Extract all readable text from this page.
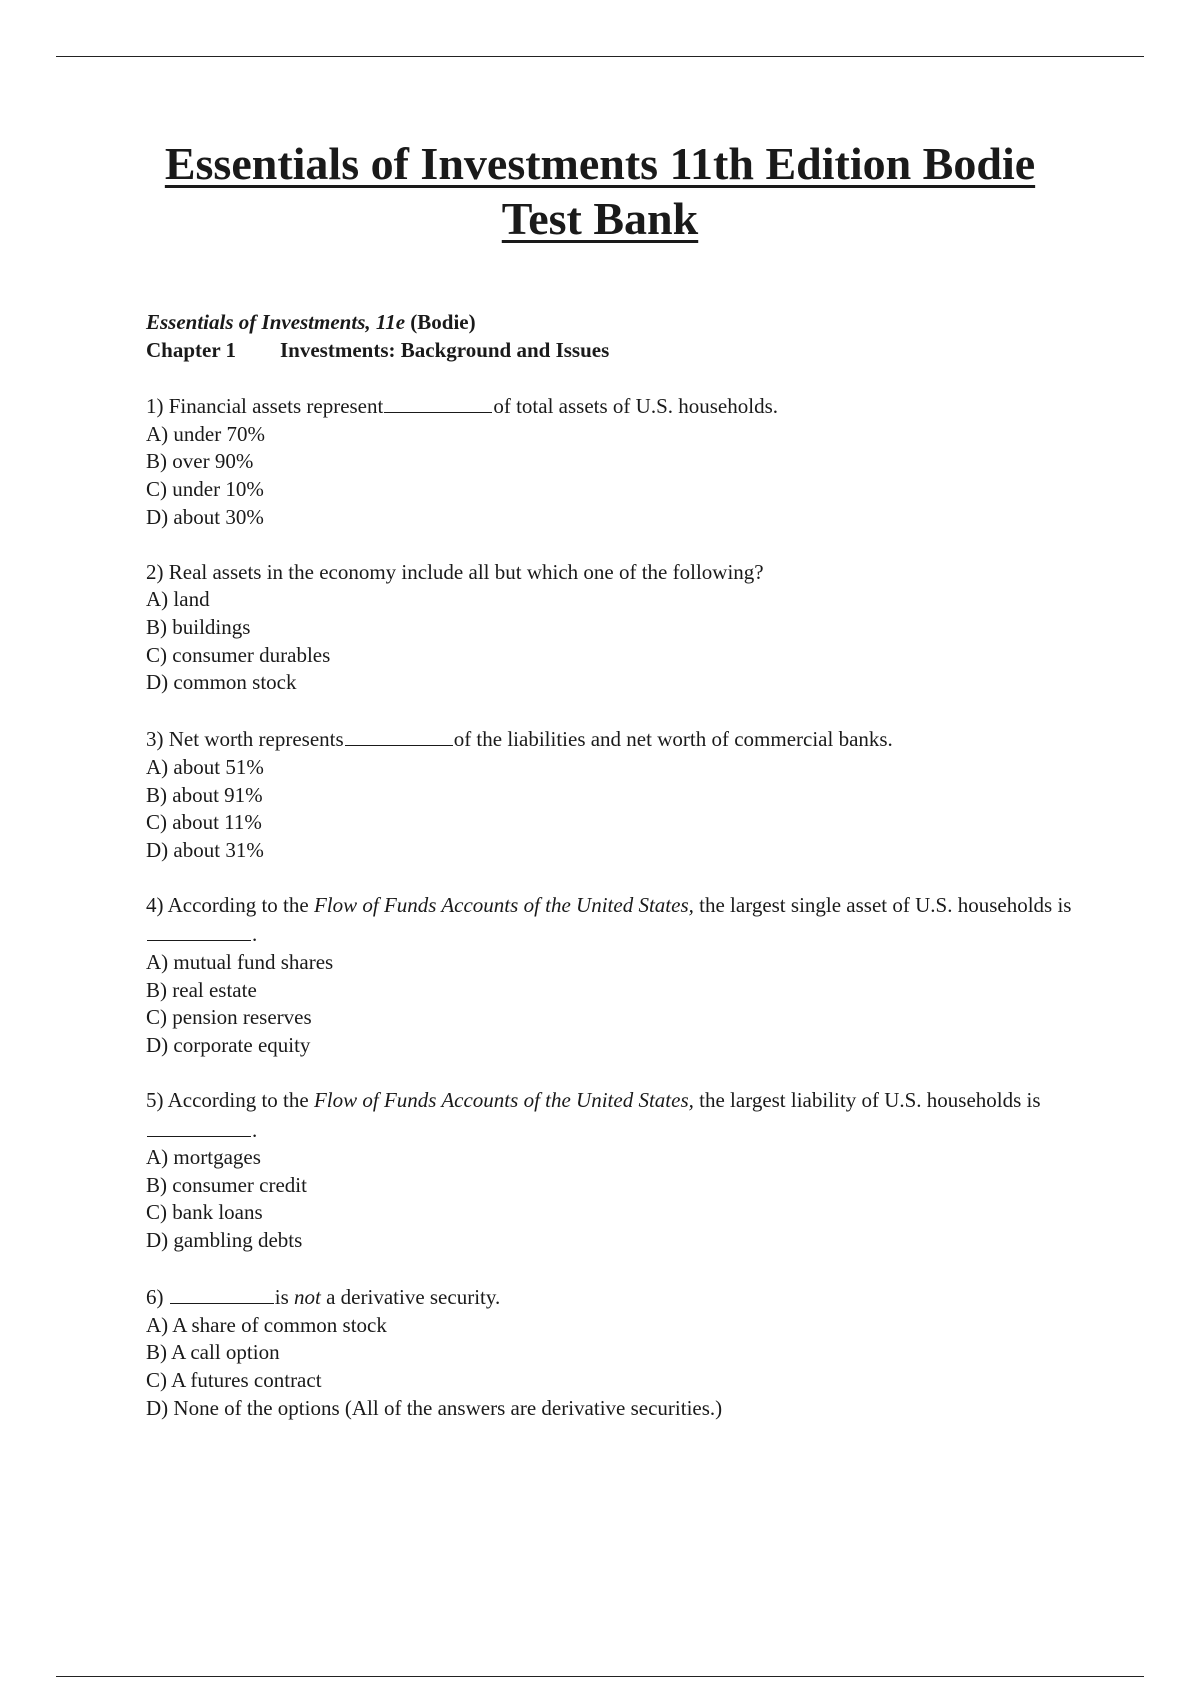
Essentials of Investments 11th Edition Bodie
Test Bank
Essentials of Investments, 11e (Bodie)
Chapter 1 Investments: Background and Issues
1) Financial assets represent	of total assets of U.S. households.
A) under 70%
B) over 90%
C) under 10%
D) about 30%
2) Real assets in the economy include all but which one of the following?
A) land
B) buildings
C) consumer durables
D) common stock
3) Net worth represents	of the liabilities and net worth of commercial banks.
A) about 51%
B) about 91%
C) about 11%
D) about 31%
4) According to the Flow of Funds Accounts of the United States, the largest single asset of U.S. households is.
A) mutual fund shares
B) real estate
C) pension reserves
D) corporate equity
5) According to the Flow of Funds Accounts of the United States, the largest liability of U.S. households is.
A) mortgages
B) consumer credit
C) bank loans
D) gambling debts
6)	is not a derivative security.
A) A share of common stock
B) A call option
C) A futures contract
D) None of the options (All of the answers are derivative securities.)
